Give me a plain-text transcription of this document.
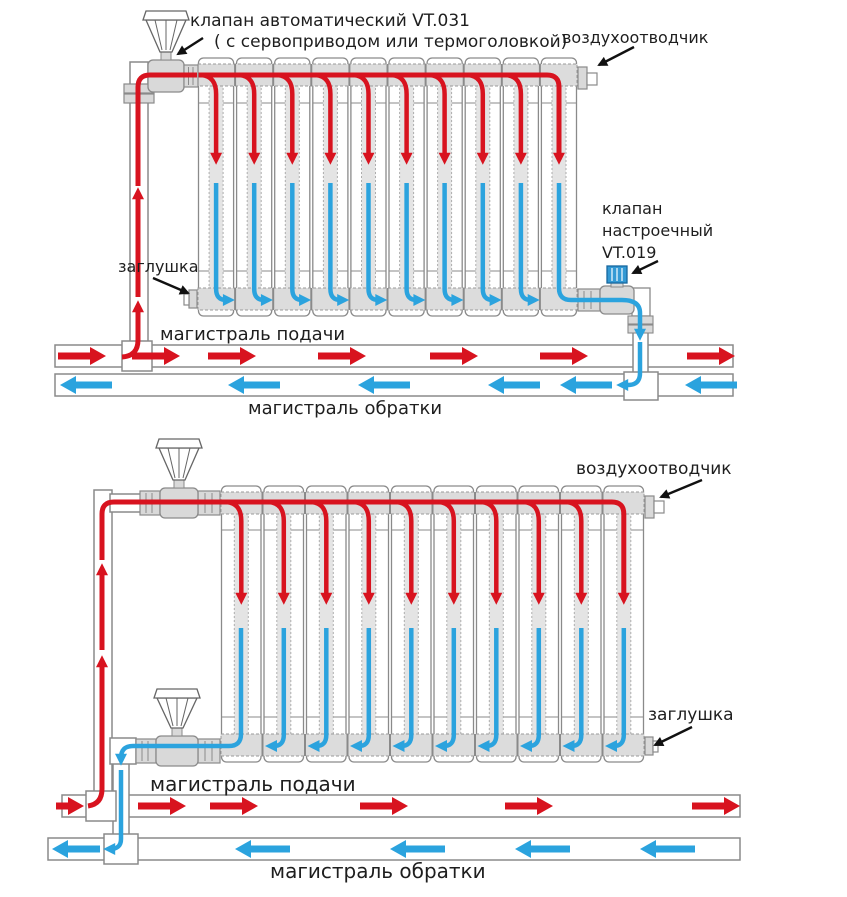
клапан автоматический VT.031
( с сервоприводом или термоголовкой)
воздухоотводчик
заглушка
клапан
настроечный
VT.019
магистраль подачи
магистраль обратки
воздухоотводчик
заглушка
магистраль подачи
магистраль обратки
